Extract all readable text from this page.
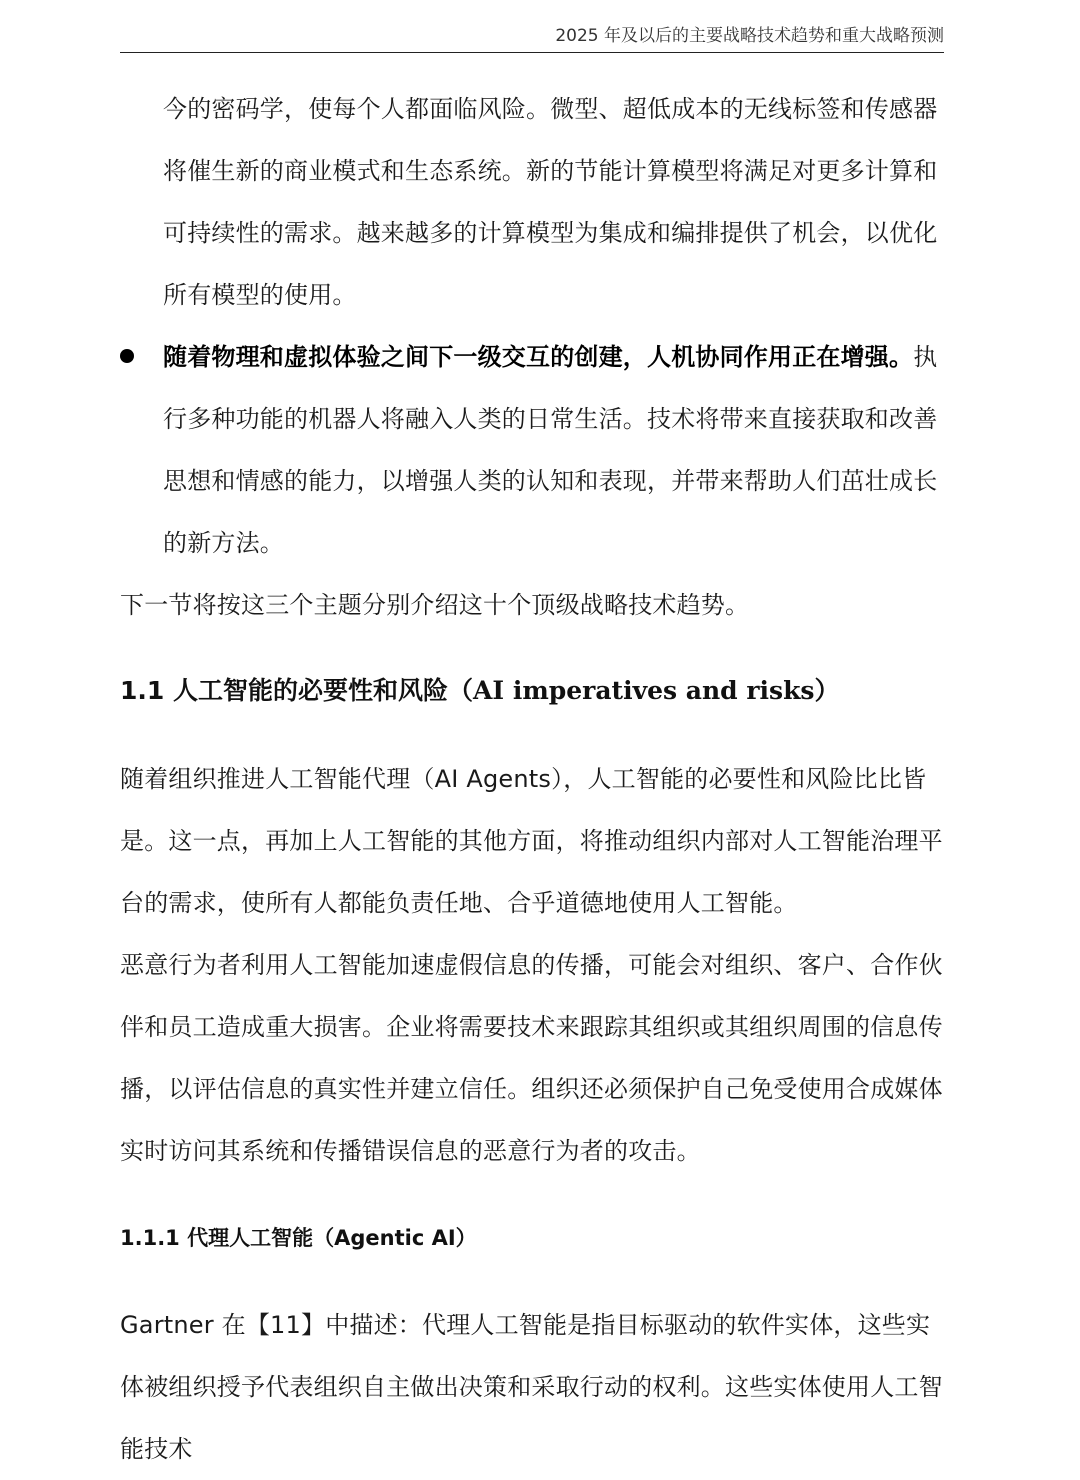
2025 年及以后的主要战略技术趋势和重大战略预测
今的密码学，使每个人都面临风险。微型、超低成本的无线标签和传感器将催生新的商业模式和生态系统。新的节能计算模型将满足对更多计算和可持续性的需求。越来越多的计算模型为集成和编排提供了机会，以优化所有模型的使用。
随着物理和虚拟体验之间下一级交互的创建，人机协同作用正在增强。执行多种功能的机器人将融入人类的日常生活。技术将带来直接获取和改善思想和情感的能力，以增强人类的认知和表现，并带来帮助人们茁壮成长的新方法。
下一节将按这三个主题分别介绍这十个顶级战略技术趋势。
1.1 人工智能的必要性和风险（AI imperatives and risks）
随着组织推进人工智能代理（AI Agents），人工智能的必要性和风险比比皆是。这一点，再加上人工智能的其他方面，将推动组织内部对人工智能治理平台的需求，使所有人都能负责任地、合乎道德地使用人工智能。
恶意行为者利用人工智能加速虚假信息的传播，可能会对组织、客户、合作伙伴和员工造成重大损害。企业将需要技术来跟踪其组织或其组织周围的信息传播，以评估信息的真实性并建立信任。组织还必须保护自己免受使用合成媒体实时访问其系统和传播错误信息的恶意行为者的攻击。
1.1.1 代理人工智能（Agentic AI）
Gartner 在【11】中描述：代理人工智能是指目标驱动的软件实体，这些实体被组织授予代表组织自主做出决策和采取行动的权利。这些实体使用人工智能技术
